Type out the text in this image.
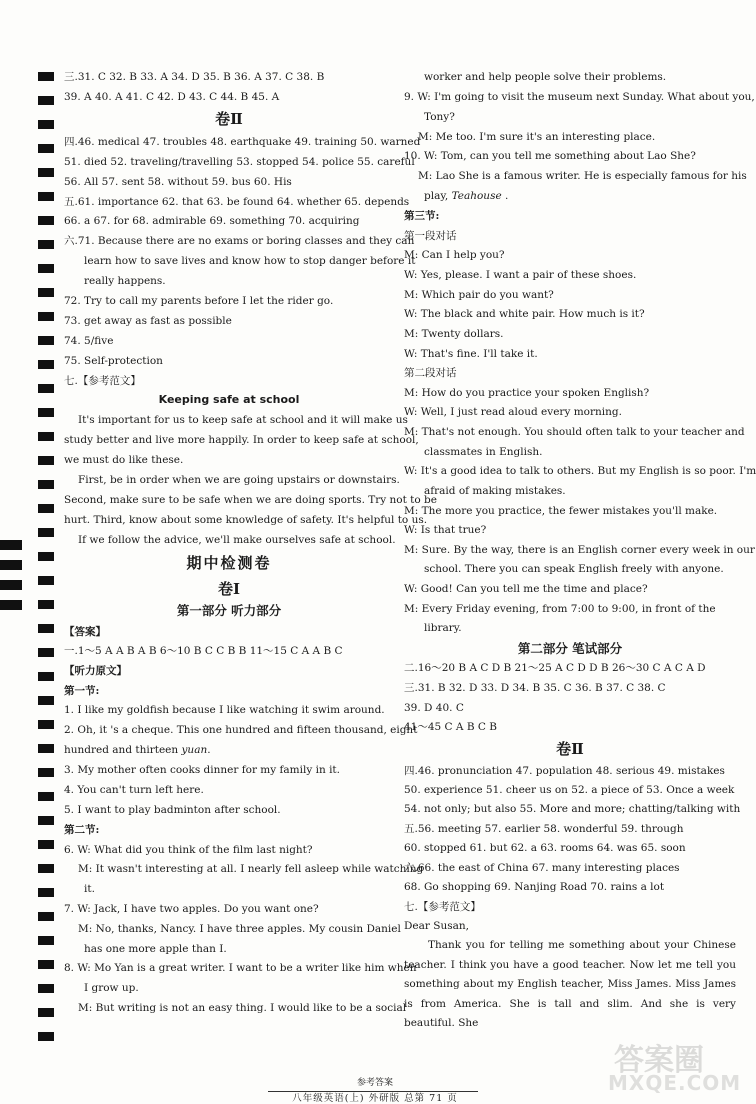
三.31. C 32. B 33. A 34. D 35. B 36. A 37. C 38. B
39. A 40. A 41. C 42. D 43. C 44. B 45. A
卷Ⅱ
四.46. medical 47. troubles 48. earthquake 49. training 50. warned
51. died 52. traveling/travelling 53. stopped 54. police 55. careful
56. All 57. sent 58. without 59. bus 60. His
五.61. importance 62. that 63. be found 64. whether 65. depends
66. a 67. for 68. admirable 69. something 70. acquiring
六.71. Because there are no exams or boring classes and they can
learn how to save lives and know how to stop danger before it
really happens.
72. Try to call my parents before I let the rider go.
73. get away as fast as possible
74. 5/five
75. Self-protection
七.【参考范文】
Keeping safe at school
It's important for us to keep safe at school and it will make us
study better and live more happily. In order to keep safe at school,
we must do like these.
First, be in order when we are going upstairs or downstairs.
Second, make sure to be safe when we are doing sports. Try not to be
hurt. Third, know about some knowledge of safety. It's helpful to us.
If we follow the advice, we'll make ourselves safe at school.
期中检测卷
卷Ⅰ
第一部分 听力部分
【答案】
一.1～5 A A B A B 6～10 B C C B B 11～15 C A A B C
【听力原文】
第一节:
1. I like my goldfish because I like watching it swim around.
2. Oh, it 's a cheque. This one hundred and fifteen thousand, eight
hundred and thirteen yuan.
3. My mother often cooks dinner for my family in it.
4. You can't turn left here.
5. I want to play badminton after school.
第二节:
6. W: What did you think of the film last night?
M: It wasn't interesting at all. I nearly fell asleep while watching
it.
7. W: Jack, I have two apples. Do you want one?
M: No, thanks, Nancy. I have three apples. My cousin Daniel
has one more apple than I.
8. W: Mo Yan is a great writer. I want to be a writer like him when
I grow up.
M: But writing is not an easy thing. I would like to be a social
worker and help people solve their problems.
9. W: I'm going to visit the museum next Sunday. What about you,
Tony?
M: Me too. I'm sure it's an interesting place.
10. W: Tom, can you tell me something about Lao She?
M: Lao She is a famous writer. He is especially famous for his
play, Teahouse .
第三节:
第一段对话
M: Can I help you?
W: Yes, please. I want a pair of these shoes.
M: Which pair do you want?
W: The black and white pair. How much is it?
M: Twenty dollars.
W: That's fine. I'll take it.
第二段对话
M: How do you practice your spoken English?
W: Well, I just read aloud every morning.
M: That's not enough. You should often talk to your teacher and
classmates in English.
W: It's a good idea to talk to others. But my English is so poor. I'm
afraid of making mistakes.
M: The more you practice, the fewer mistakes you'll make.
W: Is that true?
M: Sure. By the way, there is an English corner every week in our
school. There you can speak English freely with anyone.
W: Good! Can you tell me the time and place?
M: Every Friday evening, from 7:00 to 9:00, in front of the
library.
第二部分 笔试部分
二.16～20 B A C D B 21～25 A C D D B 26～30 C A C A D
三.31. B 32. D 33. D 34. B 35. C 36. B 37. C 38. C
39. D 40. C
41～45 C A B C B
卷Ⅱ
四.46. pronunciation 47. population 48. serious 49. mistakes
50. experience 51. cheer us on 52. a piece of 53. Once a week
54. not only; but also 55. More and more; chatting/talking with
五.56. meeting 57. earlier 58. wonderful 59. through
60. stopped 61. but 62. a 63. rooms 64. was 65. soon
六.66. the east of China 67. many interesting places
68. Go shopping 69. Nanjing Road 70. rains a lot
七.【参考范文】
Dear Susan,
Thank you for telling me something about your Chinese teacher. I think you have a good teacher. Now let me tell you something about my English teacher, Miss James. Miss James is from America. She is tall and slim. And she is very beautiful. She
参考答案
八年级英语(上) 外研版 总第 71 页
答案圈
MXQE.COM
